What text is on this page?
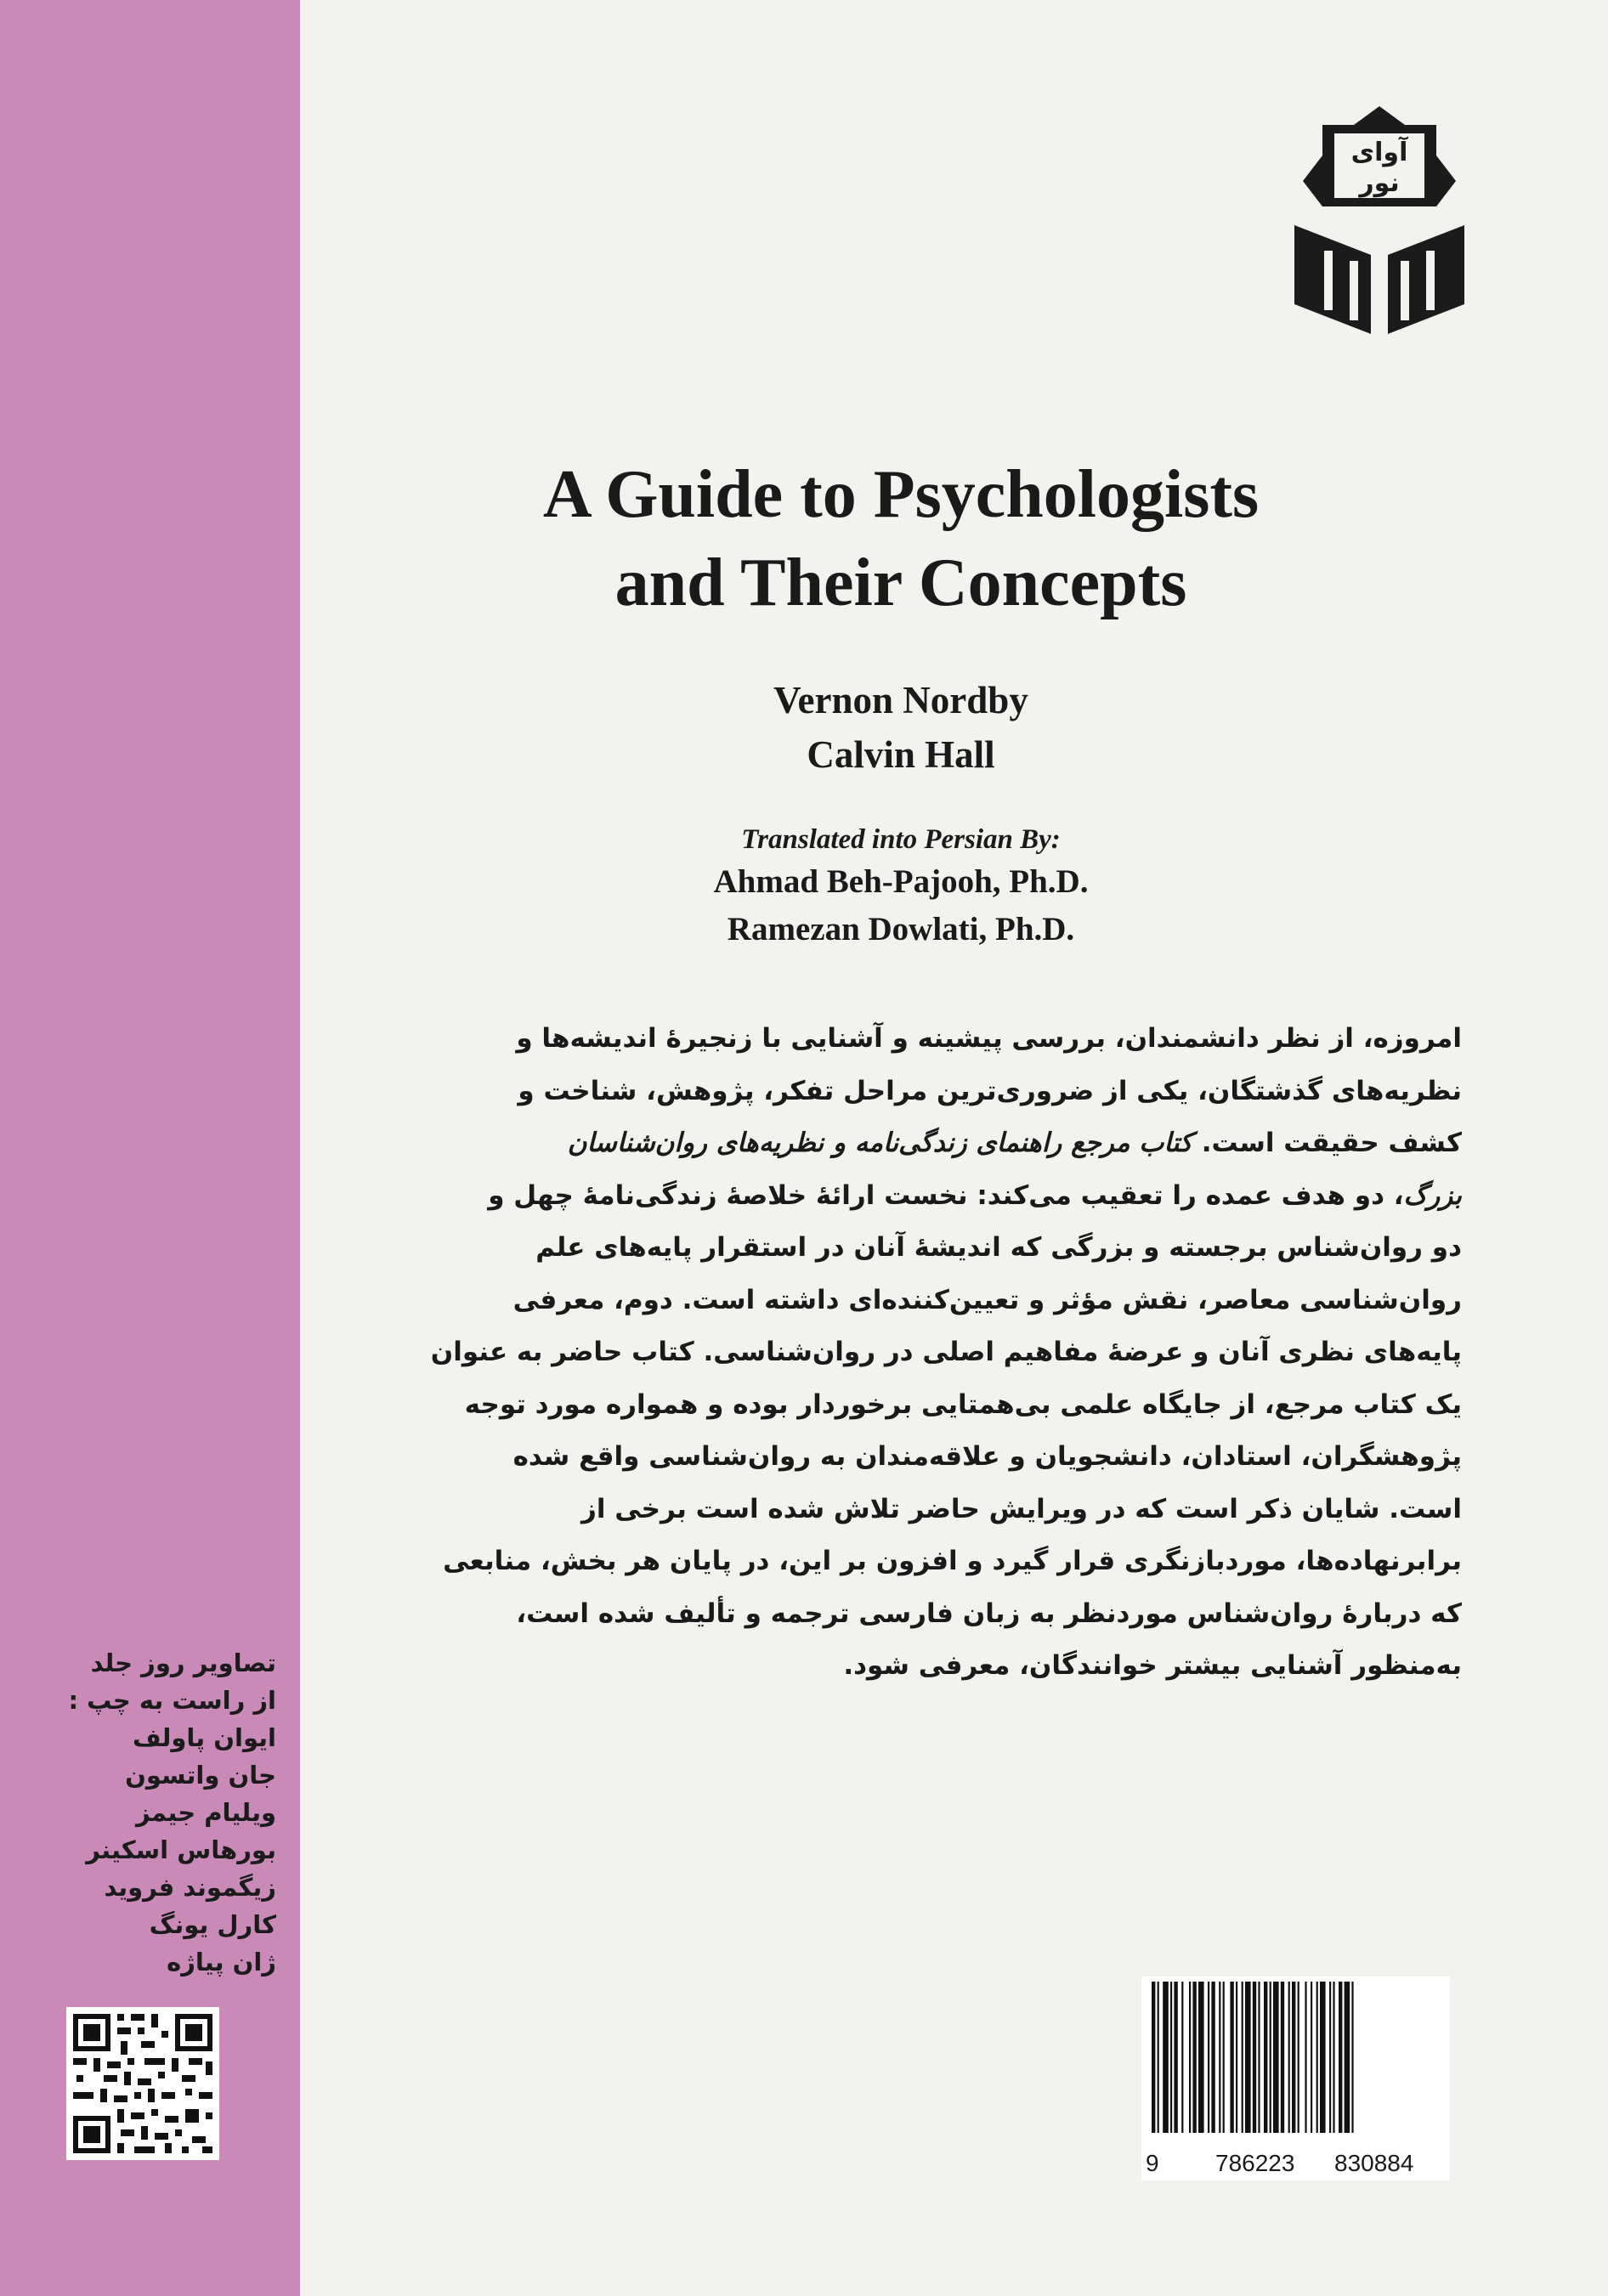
تصاویر روز جلد
از راست به چپ :
ایوان پاولف
جان واتسون
ویلیام جیمز
بورهاس اسکینر
زیگموند فروید
کارل یونگ
ژان پیاژه
آوای
نور
A Guide to Psychologists
and Their Concepts
Vernon Nordby
Calvin Hall
Translated into Persian By:
Ahmad Beh-Pajooh, Ph.D.
Ramezan Dowlati, Ph.D.
امروزه، از نظر دانشمندان، بررسی پیشینه و آشنایی با زنجیرهٔ اندیشه‌ها و
نظریه‌های گذشتگان، یکی از ضروری‌ترین مراحل تفکر، پژوهش، شناخت و
کشف حقیقت است. کتاب مرجع راهنمای زندگی‌نامه و نظریه‌های روان‌شناسان
بزرگ، دو هدف عمده را تعقیب می‌کند: نخست ارائهٔ خلاصهٔ زندگی‌نامهٔ چهل و
دو روان‌شناس برجسته و بزرگی که اندیشهٔ آنان در استقرار پایه‌های علم
روان‌شناسی معاصر، نقش مؤثر و تعیین‌کننده‌ای داشته است. دوم، معرفی
پایه‌های نظری آنان و عرضهٔ مفاهیم اصلی در روان‌شناسی. کتاب حاضر به عنوان
یک کتاب مرجع، از جایگاه علمی بی‌همتایی برخوردار بوده و همواره مورد توجه
پژوهشگران، استادان، دانشجویان و علاقه‌مندان به روان‌شناسی واقع شده
است. شایان ذکر است که در ویرایش حاضر تلاش شده است برخی از
برابرنهاده‌ها، موردبازنگری قرار گیرد و افزون بر این، در پایان هر بخش، منابعی
که دربارهٔ روان‌شناس موردنظر به زبان فارسی ترجمه و تألیف شده است،
به‌منظور آشنایی بیشتر خوانندگان، معرفی شود.
9 786223 830884
